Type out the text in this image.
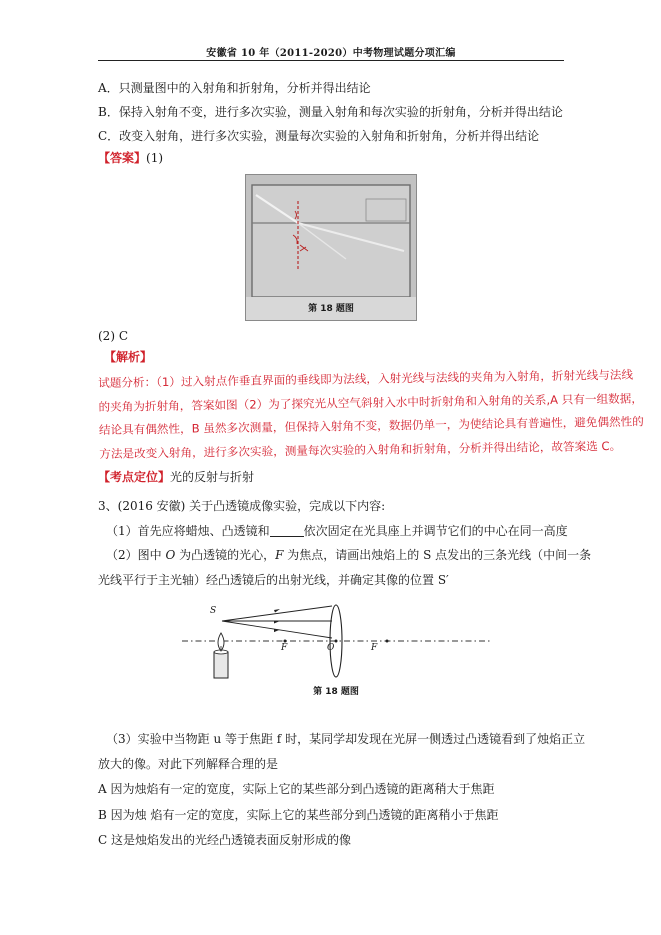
安徽省 10 年（2011-2020）中考物理试题分项汇编
A．只测量图中的入射角和折射角，分析并得出结论
B．保持入射角不变，进行多次实验，测量入射角和每次实验的折射角，分析并得出结论
C．改变入射角，进行多次实验，测量每次实验的入射角和折射角，分析并得出结论
【答案】(1)
第 18 题图
(2) C
【解析】
试题分析：（1）过入射点作垂直界面的垂线即为法线，入射光线与法线的夹角为入射角，折射光线与法线
的夹角为折射角，答案如图（2）为了探究光从空气斜射入水中时折射角和入射角的关系,A 只有一组数据，
结论具有偶然性，B 虽然多次测量，但保持入射角不变，数据仍单一，为使结论具有普遍性，避免偶然性的
方法是改变入射角，进行多次实验，测量每次实验的入射角和折射角，分析并得出结论，故答案选 C。
【考点定位】光的反射与折射
3、(2016 安徽) 关于凸透镜成像实验，完成以下内容:
（1）首先应将蜡烛、凸透镜和	依次固定在光具座上并调节它们的中心在同一高度
（2）图中 O 为凸透镜的光心，F 为焦点，请画出烛焰上的 S 点发出的三条光线（中间一条
光线平行于主光轴）经凸透镜后的出射光线，并确定其像的位置 S′
S
F	O	F
第 18 题图
（3）实验中当物距 u 等于焦距 f 时，某同学却发现在光屏一侧透过凸透镜看到了烛焰正立
放大的像。对此下列解释合理的是
A 因为烛焰有一定的宽度，实际上它的某些部分到凸透镜的距离稍大于焦距
B 因为烛 焰有一定的宽度，实际上它的某些部分到凸透镜的距离稍小于焦距
C 这是烛焰发出的光经凸透镜表面反射形成的像
